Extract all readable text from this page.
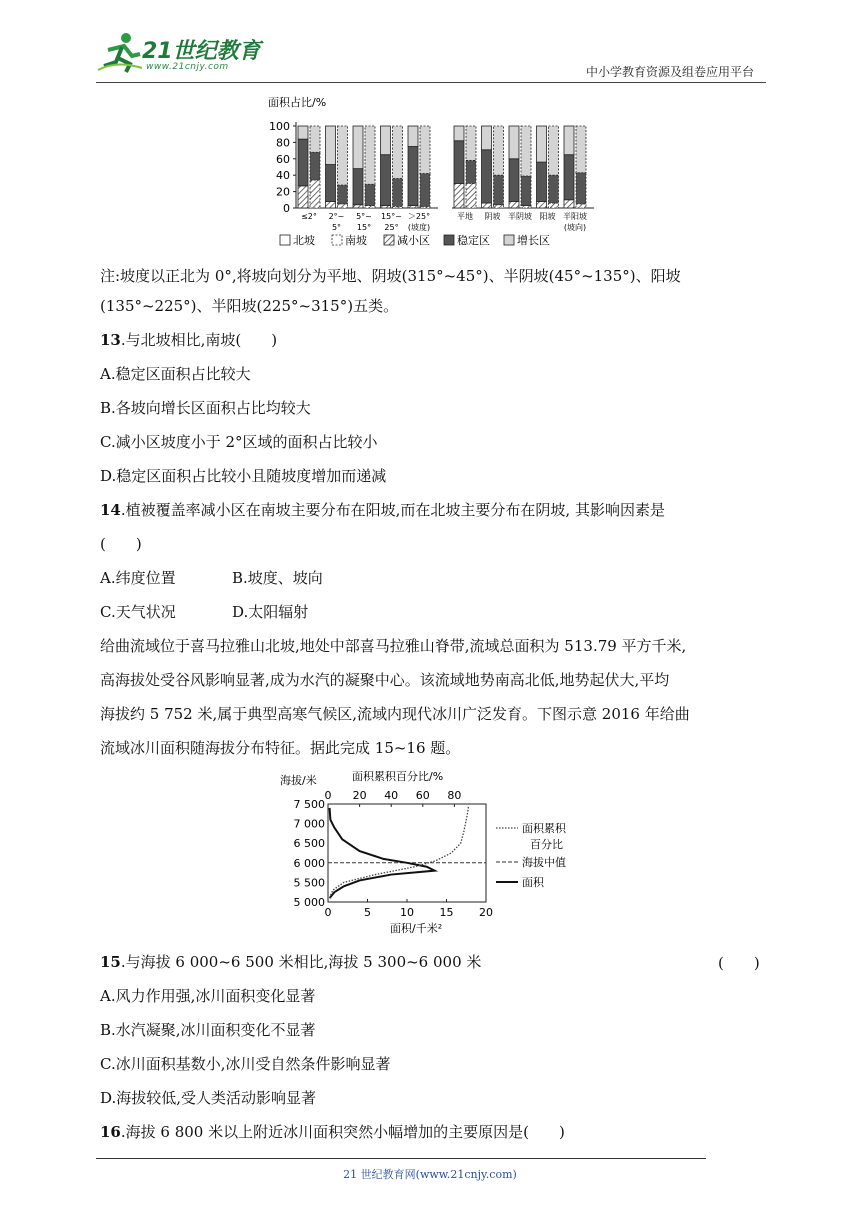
21世纪教育
www.21cnjy.com	中小学教育资源及组卷应用平台
面积占比/%
100
80
60
40
20
0
≤2° 2°~
5°
5°~
15°
15°~
25°
＞25°
(坡度)
平地 阴坡 半阴坡 阳坡 半阳坡
(坡向)
北坡	南坡	减小区 稳定区 增长区
注:坡度以正北为 0°,将坡向划分为平地、阴坡(315°~45°)、半阴坡(45°~135°)、阳坡
(135°~225°)、半阳坡(225°~315°)五类。
13.与北坡相比,南坡(　　)
A.稳定区面积占比较大
B.各坡向增长区面积占比均较大
C.减小区坡度小于 2°区域的面积占比较小
D.稳定区面积占比较小且随坡度增加而递减
14.植被覆盖率减小区在南坡主要分布在阳坡,而在北坡主要分布在阴坡, 其影响因素是
(　　)
A.纬度位置	B.坡度、坡向
C.天气状况	D.太阳辐射
给曲流域位于喜马拉雅山北坡,地处中部喜马拉雅山脊带,流域总面积为 513.79 平方千米,
高海拔处受谷风影响显著,成为水汽的凝聚中心。该流域地势南高北低,地势起伏大,平均
海拔约 5 752 米,属于典型高寒气候区,流域内现代冰川广泛发育。下图示意 2016 年给曲
流域冰川面积随海拔分布特征。据此完成 15~16 题。
海拔/米	面积累积百分比/%
面积/千米²
7 500
7 000
6 500
6 000
5 500
5 000
0	5	10 15 20
0 20 40 60 80
面积累积
百分比
海拔中值
面积
15.与海拔 6 000~6 500 米相比,海拔 5 300~6 000 米	(　　)
A.风力作用强,冰川面积变化显著
B.水汽凝聚,冰川面积变化不显著
C.冰川面积基数小,冰川受自然条件影响显著
D.海拔较低,受人类活动影响显著
16.海拔 6 800 米以上附近冰川面积突然小幅增加的主要原因是(　　)
21 世纪教育网(www.21cnjy.com)
